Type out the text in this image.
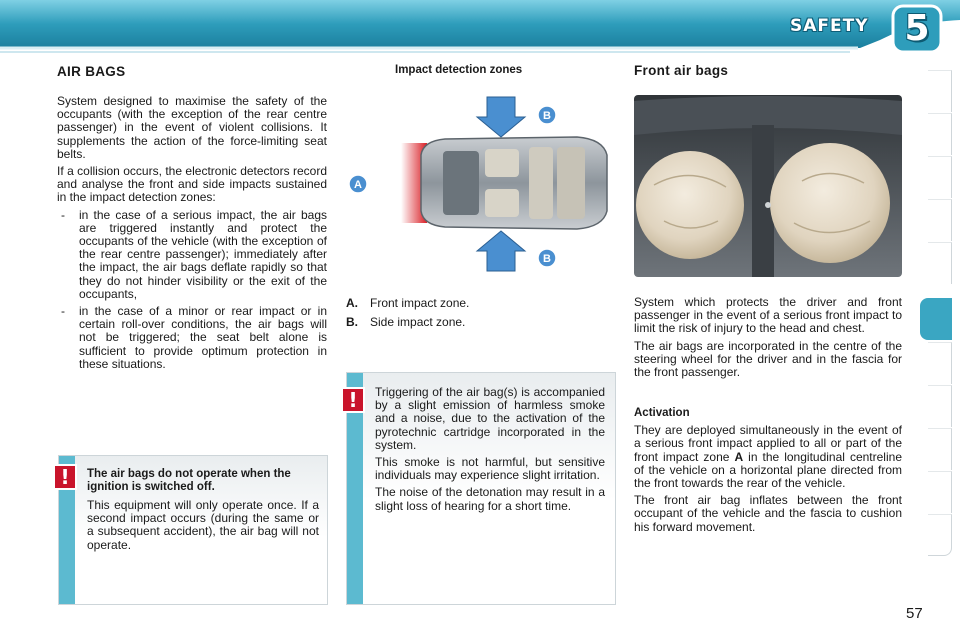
SAFETY 5
AIR BAGS

System designed to maximise the safety of the occupants (with the exception of the rear centre passenger) in the event of violent collisions. It supplements the action of the force-limiting seat belts.

If a collision occurs, the electronic detectors record and analyse the front and side impacts sustained in the impact detection zones:

- in the case of a serious impact, the air bags are triggered instantly and protect the occupants of the vehicle (with the exception of the rear centre passenger); immediately after the impact, the air bags deflate rapidly so that they do not hinder visibility or the exit of the occupants,
- in the case of a minor or rear impact or in certain roll-over conditions, the air bags will not be triggered; the seat belt alone is sufficient to provide optimum protection in these situations.
!	The air bags do not operate when the ignition is switched off.

This equipment will only operate once. If a second impact occurs (during the same or a subsequent accident), the air bag will not operate.

Impact detection zones
B
B
A
A.	Front impact zone.
B.	Side impact zone.
!	Triggering of the air bag(s) is accompanied by a slight emission of harmless smoke and a noise, due to the activation of the pyrotechnic cartridge incorporated in the system.

This smoke is not harmful, but sensitive individuals may experience slight irritation.

The noise of the detonation may result in a slight loss of hearing for a short time.

Front air bags

System which protects the driver and front passenger in the event of a serious front impact to limit the risk of injury to the head and chest.

The air bags are incorporated in the centre of the steering wheel for the driver and in the fascia for the front passenger.

Activation

They are deployed simultaneously in the event of a serious front impact applied to all or part of the front impact zone A in the longitudinal centreline of the vehicle on a horizontal plane directed from the front towards the rear of the vehicle.

The front air bag inflates between the front occupant of the vehicle and the fascia to cushion his forward movement.

57
